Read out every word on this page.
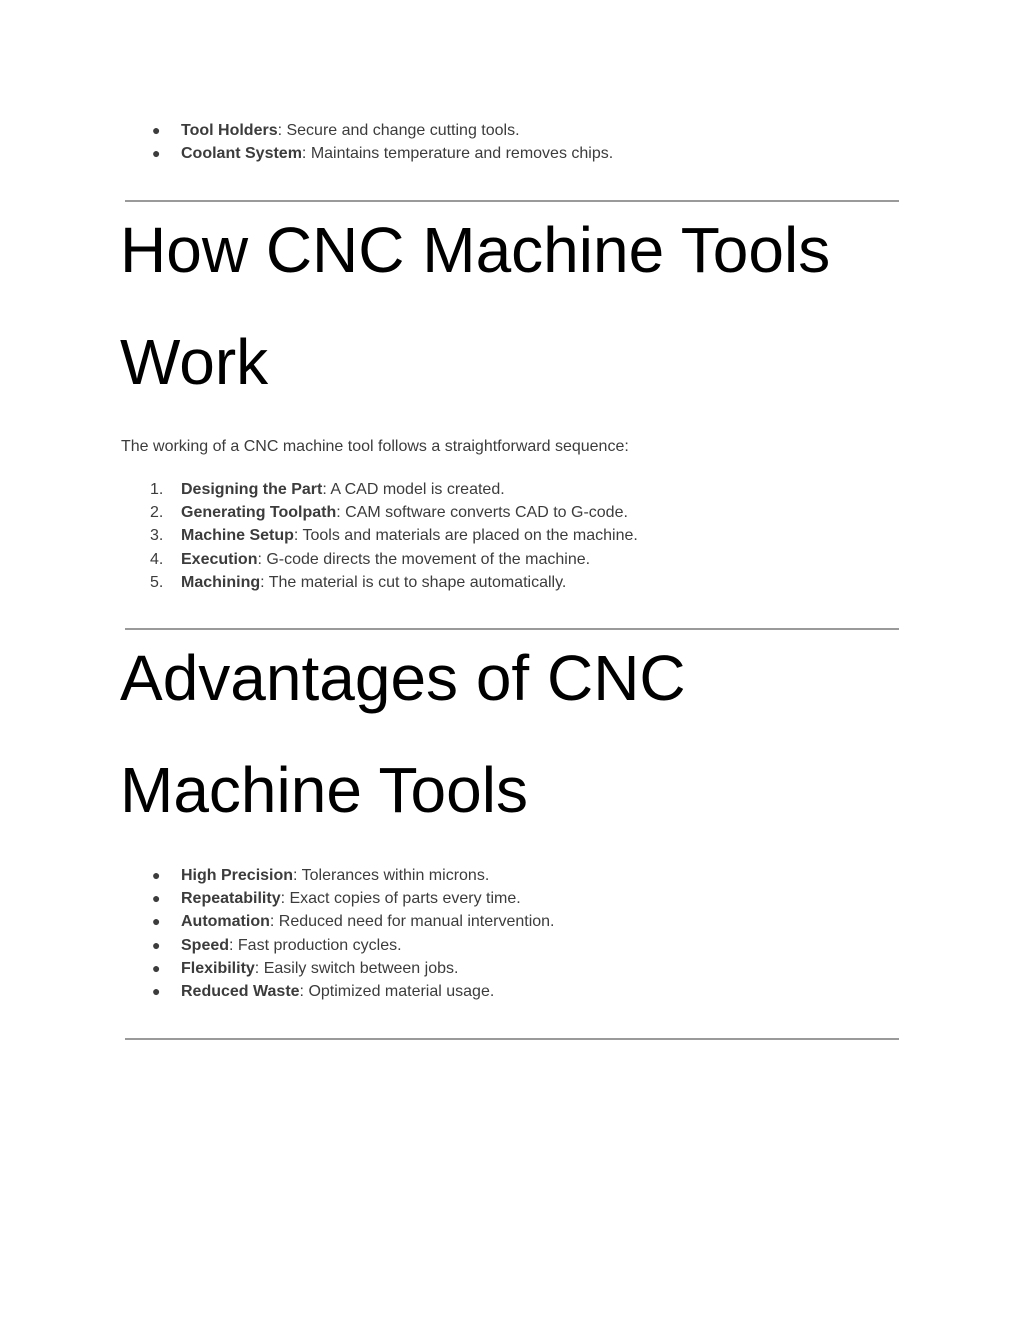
● Tool Holders: Secure and change cutting tools.
● Coolant System: Maintains temperature and removes chips.
How CNC Machine Tools Work

The working of a CNC machine tool follows a straightforward sequence:

1. Designing the Part: A CAD model is created.
2. Generating Toolpath: CAM software converts CAD to G-code.
3. Machine Setup: Tools and materials are placed on the machine.
4. Execution: G-code directs the movement of the machine.
5. Machining: The material is cut to shape automatically.
Advantages of CNC Machine Tools
● High Precision: Tolerances within microns.
● Repeatability: Exact copies of parts every time.
● Automation: Reduced need for manual intervention.
● Speed: Fast production cycles.
● Flexibility: Easily switch between jobs.
● Reduced Waste: Optimized material usage.
